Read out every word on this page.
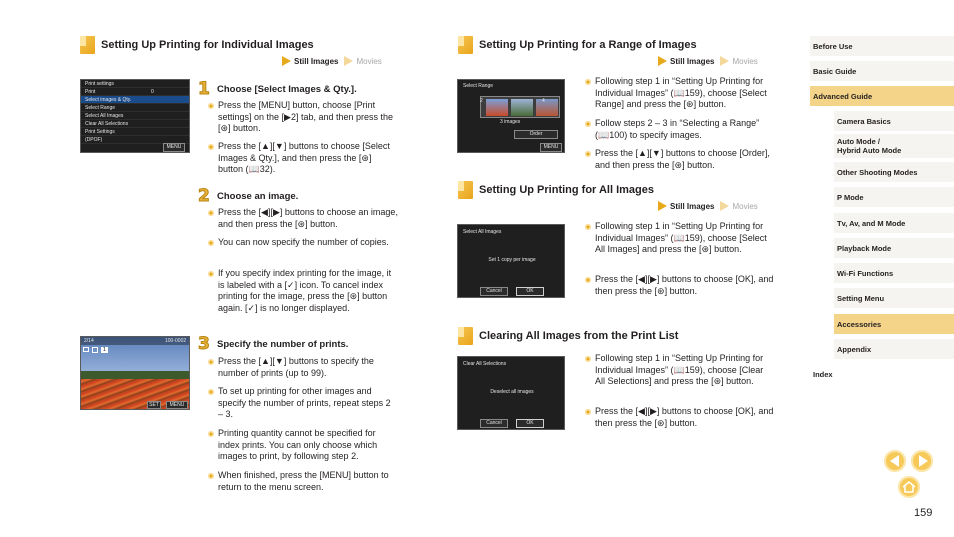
Setting Up Printing for Individual Images
Still Images Movies
Print settings
Print	0
Select images & Qty.
Select Range
Select All Images
Clear All Selections
Print Settings
(DPOF)
MENU
1 Choose [Select Images & Qty.].
Press the [MENU] button, choose [Print settings] on the [▶2] tab, and then press the [⊛] button.
Press the [▲][▼] buttons to choose [Select Images & Qty.], and then press the [⊛] button (📖32).
2 Choose an image.
Press the [◀][▶] buttons to choose an image, and then press the [⊛] button.
You can now specify the number of copies.
If you specify index printing for the image, it is labeled with a [✓] icon. To cancel index printing for the image, press the [⊛] button again. [✓] is no longer displayed.
2/14	100-0002
1
SET	MENU
3 Specify the number of prints.
Press the [▲][▼] buttons to specify the number of prints (up to 99).
To set up printing for other images and specify the number of prints, repeat steps 2 – 3.
Printing quantity cannot be specified for index prints. You can only choose which images to print, by following step 2.
When finished, press the [MENU] button to return to the menu screen.
Setting Up Printing for a Range of Images
Still Images Movies
Select Range
2	4
3 images
Order
MENU
Following step 1 in “Setting Up Printing for Individual Images” (📖159), choose [Select Range] and press the [⊛] button.
Follow steps 2 – 3 in “Selecting a Range” (📖100) to specify images.
Press the [▲][▼] buttons to choose [Order], and then press the [⊛] button.
Setting Up Printing for All Images
Still Images Movies
Select All Images
Set 1 copy per image
Cancel	OK
Following step 1 in “Setting Up Printing for Individual Images” (📖159), choose [Select All Images] and press the [⊛] button.
Press the [◀][▶] buttons to choose [OK], and then press the [⊛] button.
Clearing All Images from the Print List
Clear All Selections
Deselect all images
Cancel	OK
Following step 1 in “Setting Up Printing for Individual Images” (📖159), choose [Clear All Selections] and press the [⊛] button.
Press the [◀][▶] buttons to choose [OK], and then press the [⊛] button.
Before Use
Basic Guide
Advanced Guide
Camera Basics
Auto Mode /
Hybrid Auto Mode
Other Shooting Modes
P Mode
Tv, Av, and M Mode
Playback Mode
Wi-Fi Functions
Setting Menu
Accessories
Appendix
Index
159
